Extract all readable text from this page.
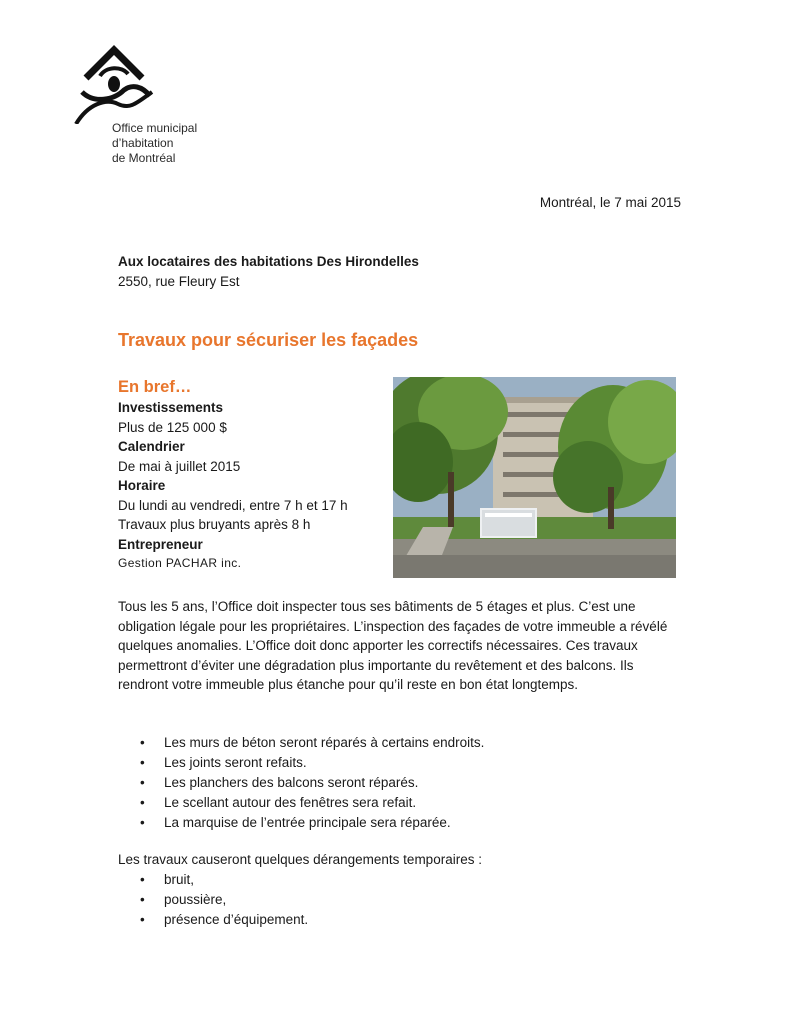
Office municipal
d’habitation
de Montréal
Montréal, le 7 mai 2015
Aux locataires des habitations Des Hirondelles
2550, rue Fleury Est
Travaux pour sécuriser les façades
En bref…
Investissements
Plus de 125 000 $
Calendrier
De mai à juillet 2015
Horaire
Du lundi au vendredi, entre 7 h et 17 h
Travaux plus bruyants après 8 h
Entrepreneur
Gestion PACHAR inc.
Tous les 5 ans, l’Office doit inspecter tous ses bâtiments de 5 étages et plus. C’est une obligation légale pour les propriétaires. L’inspection des façades de votre immeuble a révélé quelques anomalies. L’Office doit donc apporter les correctifs nécessaires. Ces travaux permettront d’éviter une dégradation plus importante du revêtement et des balcons. Ils rendront votre immeuble plus étanche pour qu’il reste en bon état longtemps.
• Les murs de béton seront réparés à certains endroits.
• Les joints seront refaits.
• Les planchers des balcons seront réparés.
• Le scellant autour des fenêtres sera refait.
• La marquise de l’entrée principale sera réparée.
Les travaux causeront quelques dérangements temporaires :
• bruit,
• poussière,
• présence d’équipement.
